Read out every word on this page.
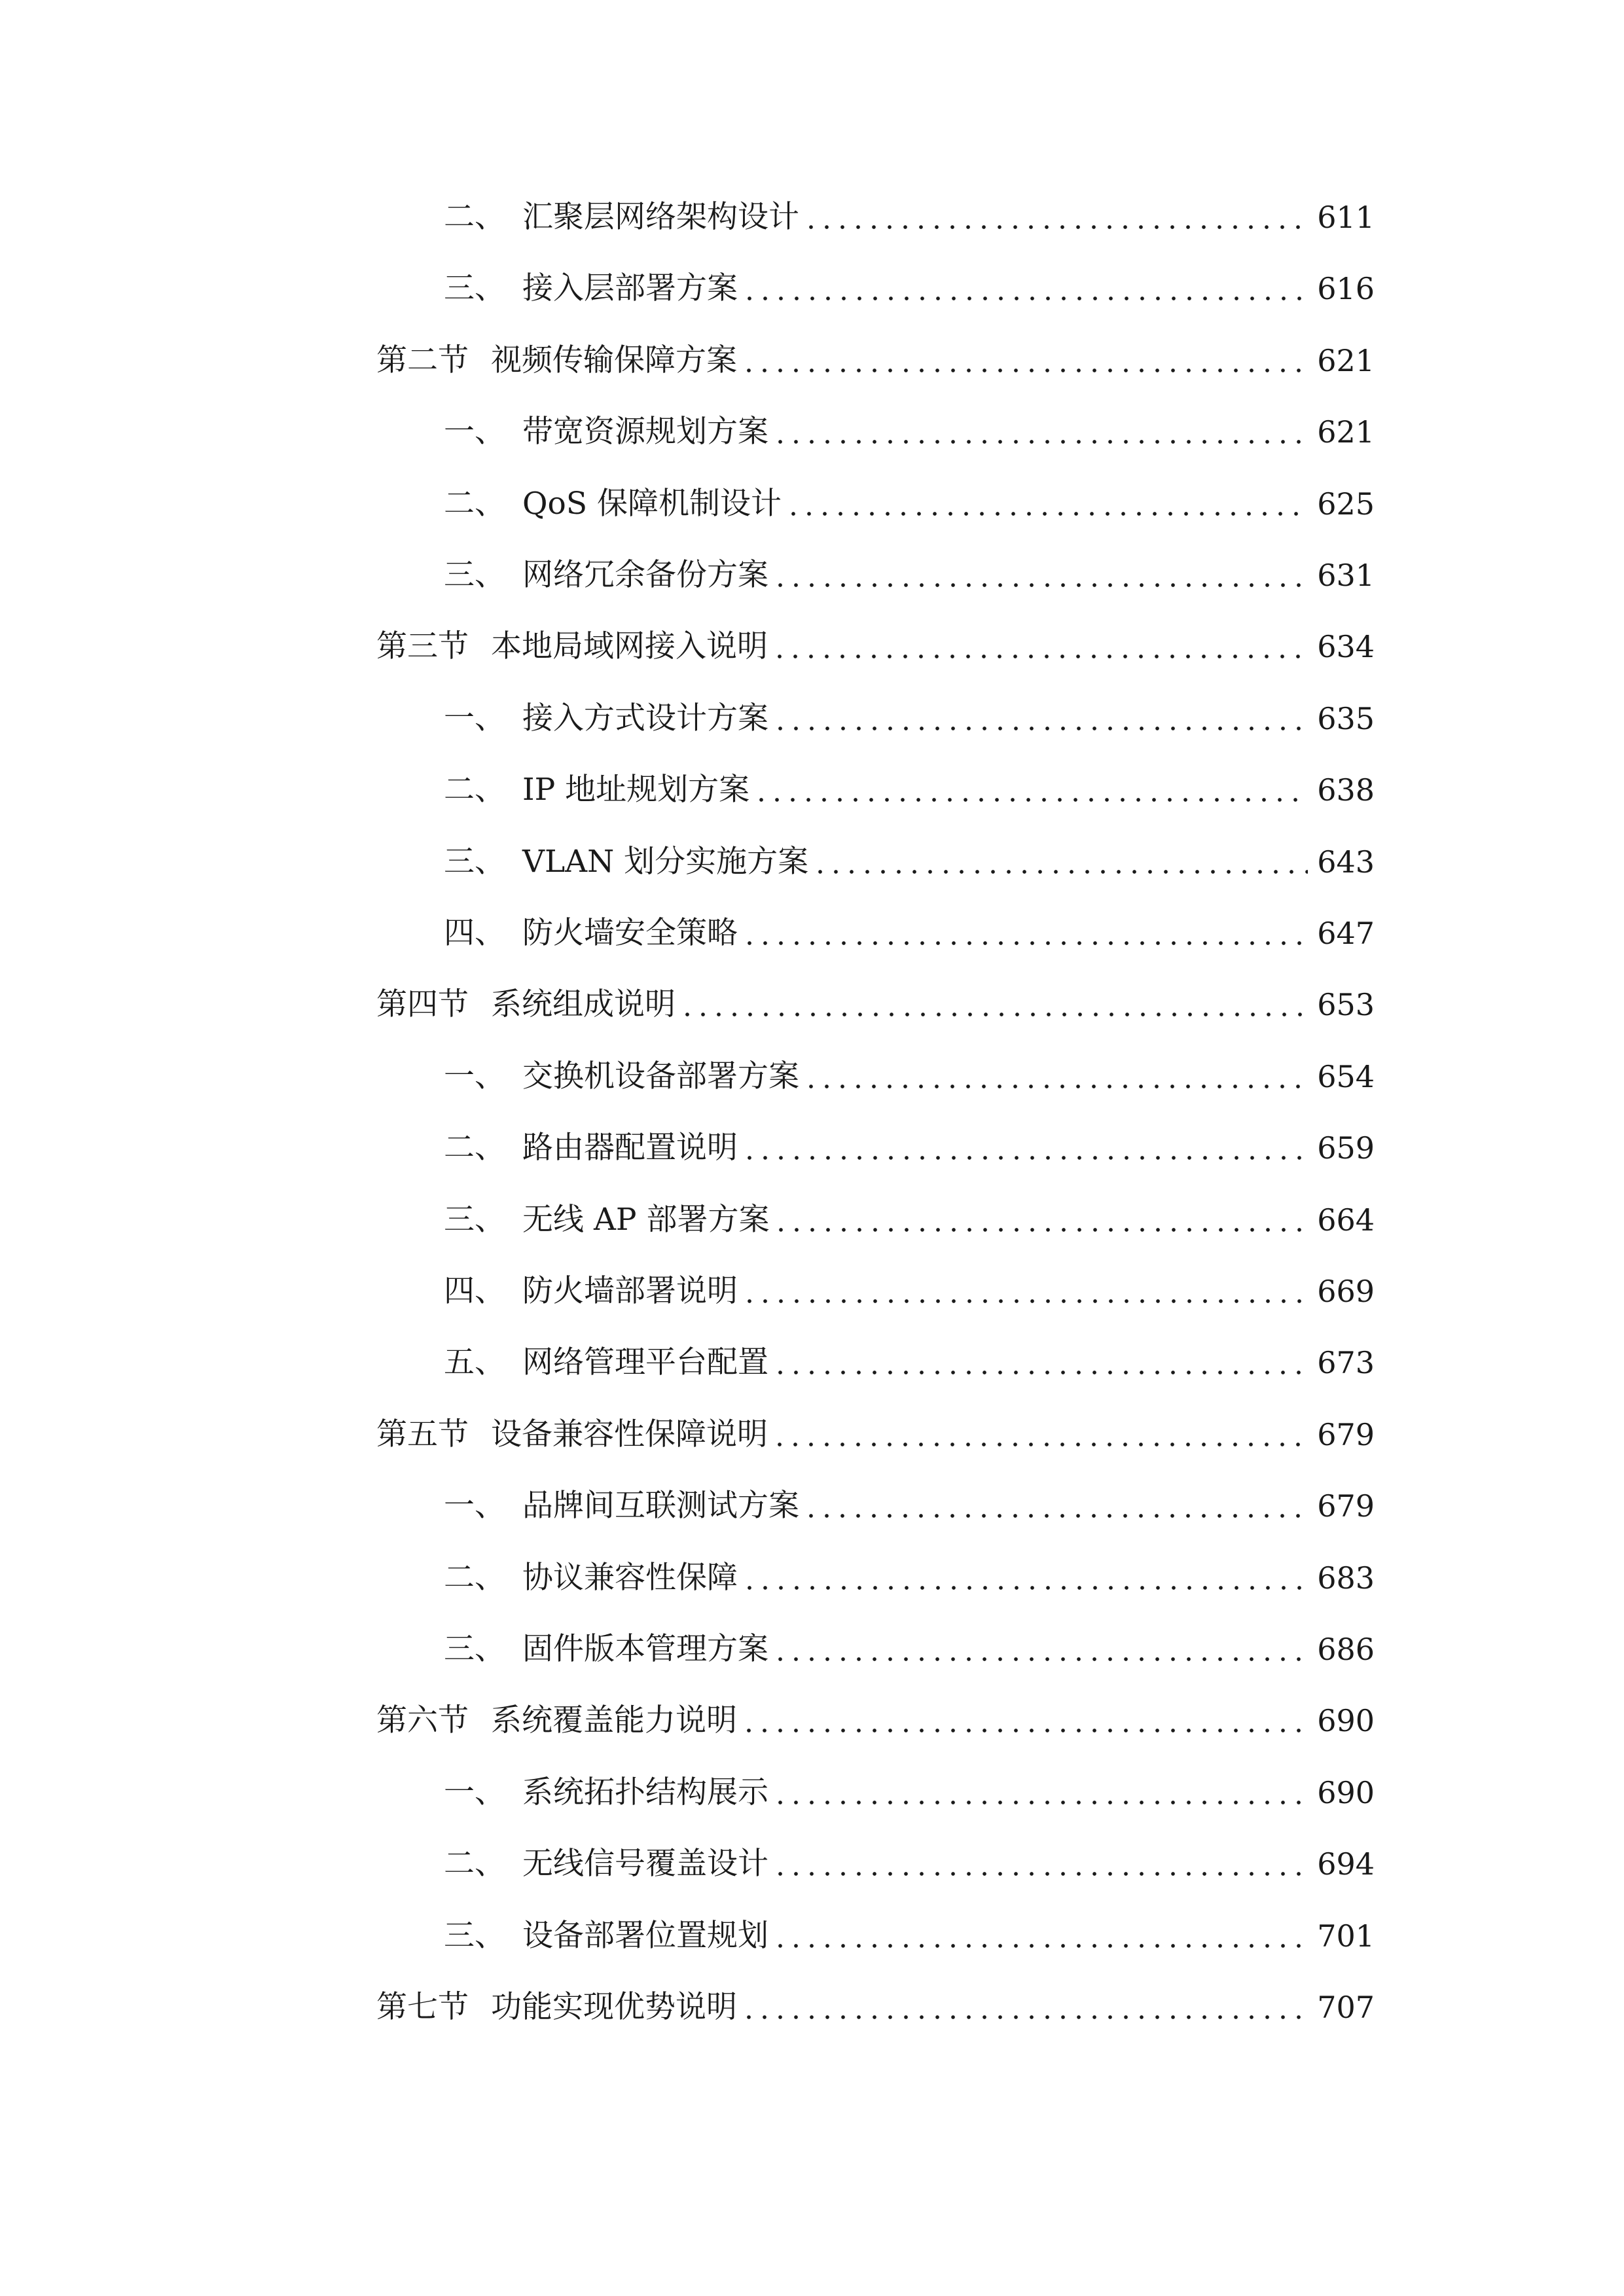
二、 汇聚层网络架构设计	611
三、 接入层部署方案	616
第二节 视频传输保障方案	621
一、 带宽资源规划方案	621
二、 QoS 保障机制设计	625
三、 网络冗余备份方案	631
第三节 本地局域网接入说明	634
一、 接入方式设计方案	635
二、 IP 地址规划方案	638
三、 VLAN 划分实施方案	643
四、 防火墙安全策略	647
第四节 系统组成说明	653
一、 交换机设备部署方案	654
二、 路由器配置说明	659
三、 无线 AP 部署方案	664
四、 防火墙部署说明	669
五、 网络管理平台配置	673
第五节 设备兼容性保障说明	679
一、 品牌间互联测试方案	679
二、 协议兼容性保障	683
三、 固件版本管理方案	686
第六节 系统覆盖能力说明	690
一、 系统拓扑结构展示	690
二、 无线信号覆盖设计	694
三、 设备部署位置规划	701
第七节 功能实现优势说明	707
